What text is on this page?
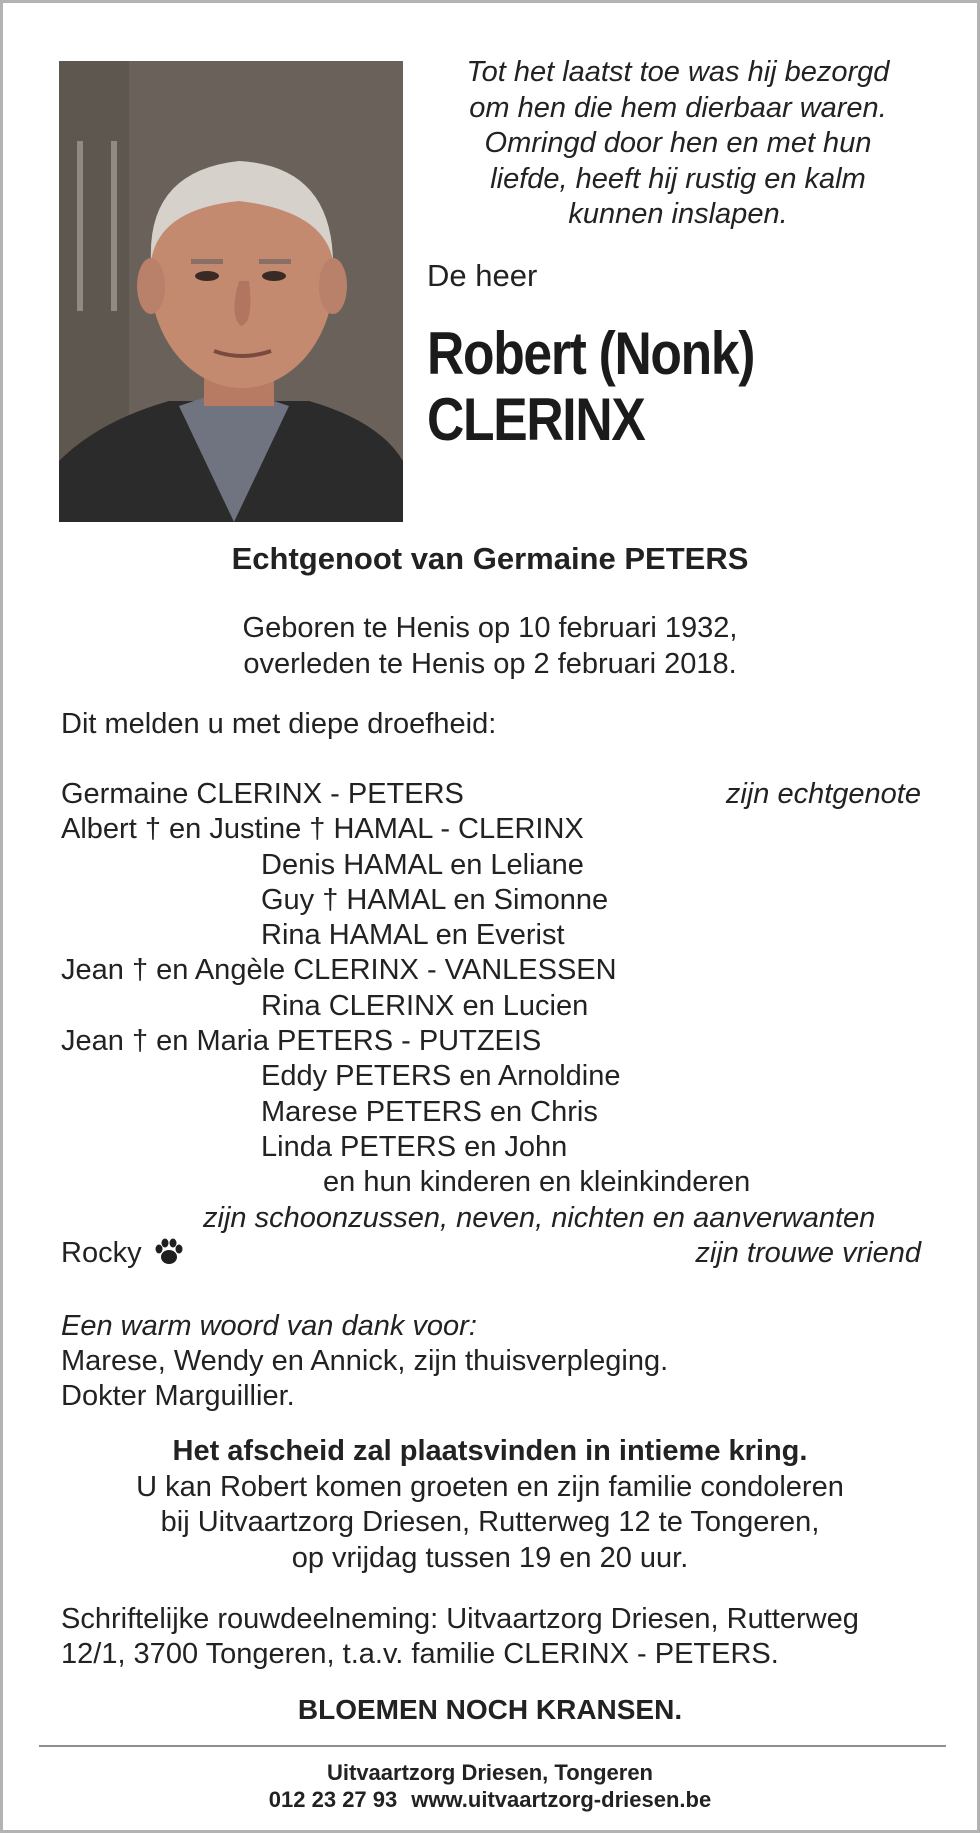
Tot het laatst toe was hij bezorgd
om hen die hem dierbaar waren.
Omringd door hen en met hun
liefde, heeft hij rustig en kalm
kunnen inslapen.
De heer
Robert (Nonk)
CLERINX
Echtgenoot van Germaine PETERS
Geboren te Henis op 10 februari 1932,
overleden te Henis op 2 februari 2018.
Dit melden u met diepe droefheid:
Germaine CLERINX - PETERS	zijn echtgenote
Albert † en Justine † HAMAL - CLERINX
Denis HAMAL en Leliane
Guy † HAMAL en Simonne
Rina HAMAL en Everist
Jean † en Angèle CLERINX - VANLESSEN
Rina CLERINX en Lucien
Jean † en Maria PETERS - PUTZEIS
Eddy PETERS en Arnoldine
Marese PETERS en Chris
Linda PETERS en John
en hun kinderen en kleinkinderen
zijn schoonzussen, neven, nichten en aanverwanten
Rocky	zijn trouwe vriend
Een warm woord van dank voor:
Marese, Wendy en Annick, zijn thuisverpleging.
Dokter Marguillier.
Het afscheid zal plaatsvinden in intieme kring.
U kan Robert komen groeten en zijn familie condoleren
bij Uitvaartzorg Driesen, Rutterweg 12 te Tongeren,
op vrijdag tussen 19 en 20 uur.
Schriftelijke rouwdeelneming: Uitvaartzorg Driesen, Rutterweg
12/1, 3700 Tongeren, t.a.v. familie CLERINX - PETERS.
BLOEMEN NOCH KRANSEN.
Uitvaartzorg Driesen, Tongeren
012 23 27 93 www.uitvaartzorg-driesen.be
